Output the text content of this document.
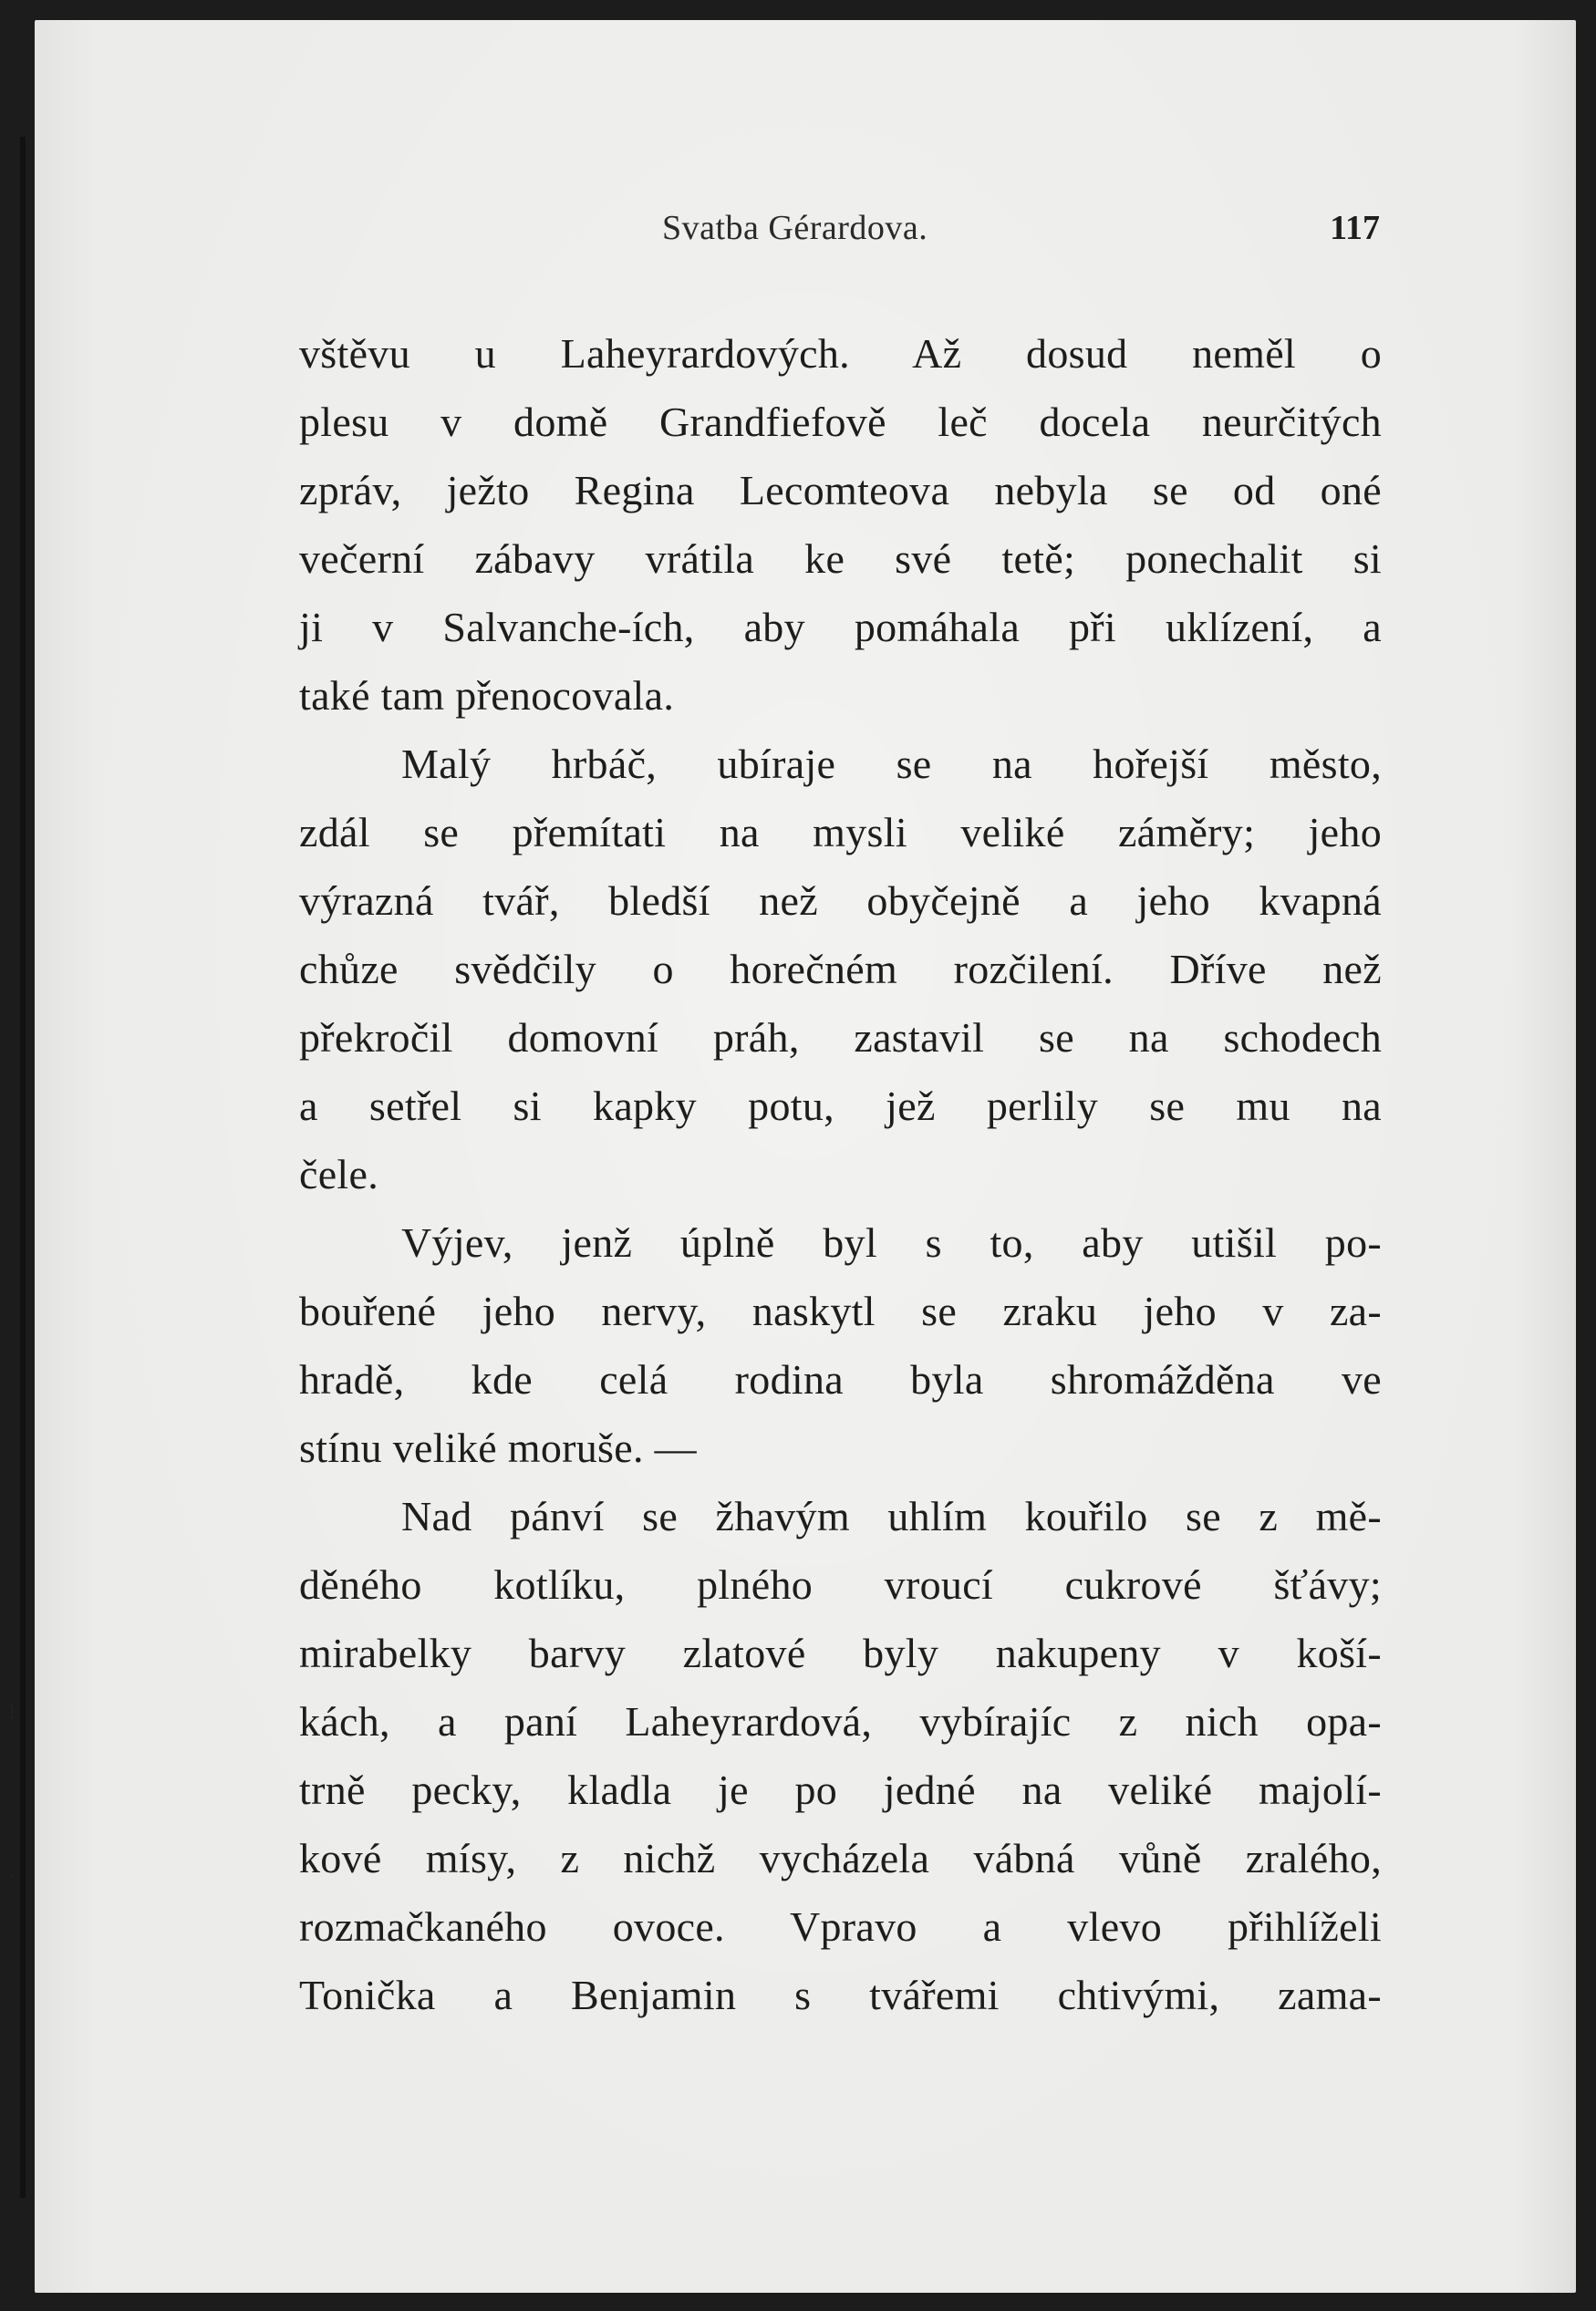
ŀ
·
Svatba Gérardova.	117
vštěvu u Laheyrardových. Až dosud neměl o
plesu v domě Grandfiefově leč docela neurčitých
zpráv, ježto Regina Lecomteova nebyla se od oné
večerní zábavy vrátila ke své tetě; ponechalit si
ji v Salvanche-ích, aby pomáhala při uklízení, a
také tam přenocovala.
Malý hrbáč, ubíraje se na hořejší město,
zdál se přemítati na mysli veliké záměry; jeho
výrazná tvář, bledší než obyčejně a jeho kvapná
chůze svědčily o horečném rozčilení. Dříve než
překročil domovní práh, zastavil se na schodech
a setřel si kapky potu, jež perlily se mu na
čele.
Výjev, jenž úplně byl s to, aby utišil po-
bouřené jeho nervy, naskytl se zraku jeho v za-
hradě, kde celá rodina byla shromážděna ve
stínu veliké moruše. —
Nad pánví se žhavým uhlím kouřilo se z mě-
děného kotlíku, plného vroucí cukrové šťávy;
mirabelky barvy zlatové byly nakupeny v koší-
kách, a paní Laheyrardová, vybírajíc z nich opa-
trně pecky, kladla je po jedné na veliké majolí-
kové mísy, z nichž vycházela vábná vůně zralého,
rozmačkaného ovoce. Vpravo a vlevo přihlíželi
Tonička a Benjamin s tvářemi chtivými, zama-
